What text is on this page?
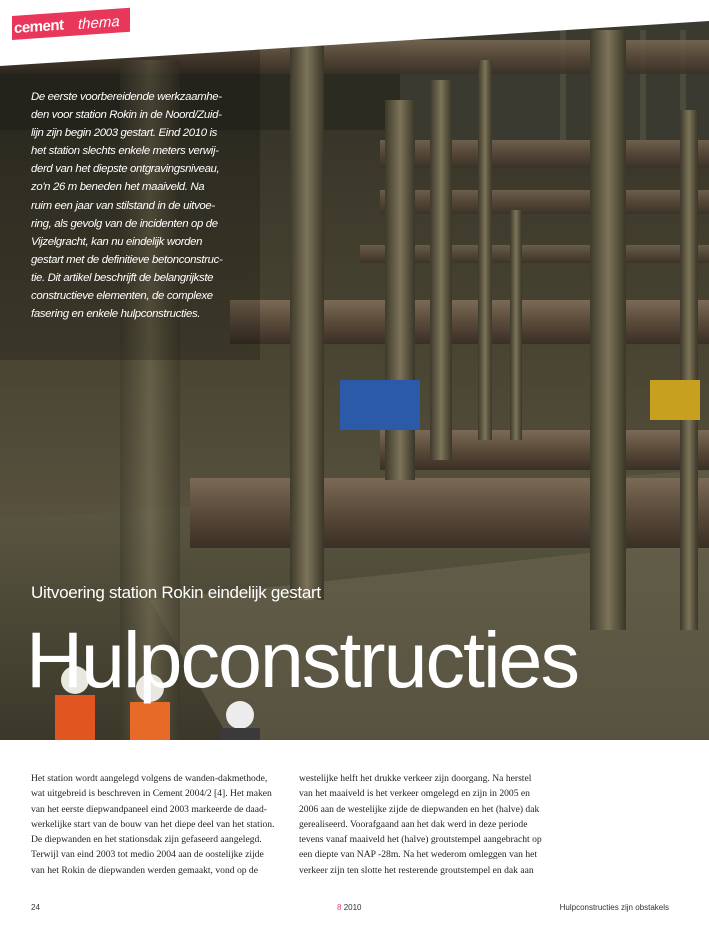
cement thema
De eerste voorbereidende werkzaamhe-
den voor station Rokin in de Noord/Zuid-
lijn zijn begin 2003 gestart. Eind 2010 is
het station slechts enkele meters verwij-
derd van het diepste ontgravingsniveau,
zo'n 26 m beneden het maaiveld. Na
ruim een jaar van stilstand in de uitvoe-
ring, als gevolg van de incidenten op de
Vijzelgracht, kan nu eindelijk worden
gestart met de definitieve betonconstruc-
tie. Dit artikel beschrijft de belangrijkste
constructieve elementen, de complexe
fasering en enkele hulpconstructies.
Uitvoering station Rokin eindelijk gestart
Hulpconstructies
Het station wordt aangelegd volgens de wanden-dakmethode,
wat uitgebreid is beschreven in Cement 2004/2 [4]. Het maken
van het eerste diepwandpaneel eind 2003 markeerde de daad-
werkelijke start van de bouw van het diepe deel van het station.
De diepwanden en het stationsdak zijn gefaseerd aangelegd.
Terwijl van eind 2003 tot medio 2004 aan de oostelijke zijde
van het Rokin de diepwanden werden gemaakt, vond op de
westelijke helft het drukke verkeer zijn doorgang. Na herstel
van het maaiveld is het verkeer omgelegd en zijn in 2005 en
2006 aan de westelijke zijde de diepwanden en het (halve) dak
gerealiseerd. Voorafgaand aan het dak werd in deze periode
tevens vanaf maaiveld het (halve) groutstempel aangebracht op
een diepte van NAP -28m. Na het wederom omleggen van het
verkeer zijn ten slotte het resterende groutstempel en dak aan
24	8 2010	Hulpconstructies zijn obstakels
